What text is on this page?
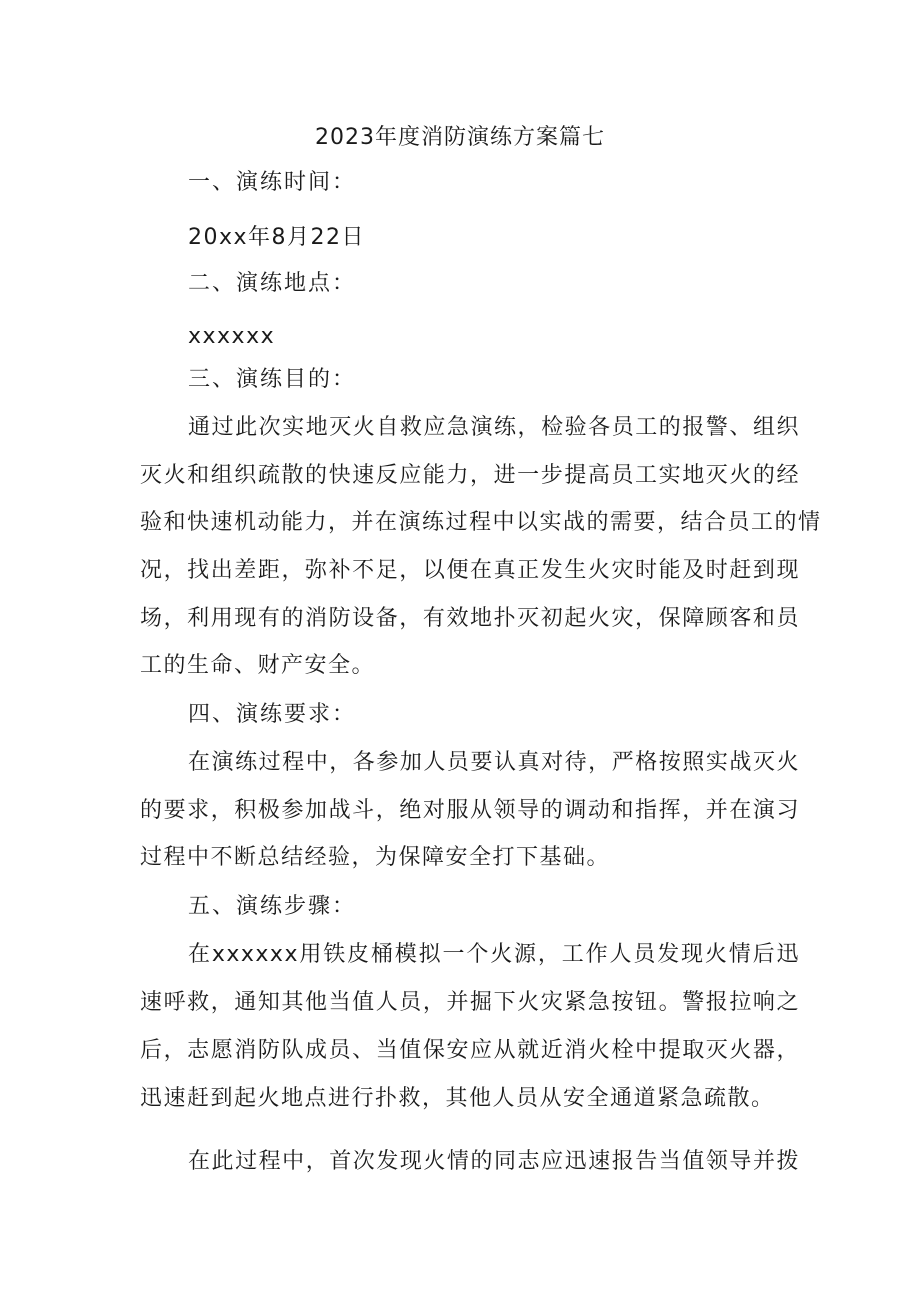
2023年度消防演练方案篇七
一、演练时间：
20xx年8月22日
二、演练地点：
xxxxxx
三、演练目的：
通过此次实地灭火自救应急演练，检验各员工的报警、组织
灭火和组织疏散的快速反应能力，进一步提高员工实地灭火的经
验和快速机动能力，并在演练过程中以实战的需要，结合员工的情
况，找出差距，弥补不足，以便在真正发生火灾时能及时赶到现
场，利用现有的消防设备，有效地扑灭初起火灾，保障顾客和员
工的生命、财产安全。
四、演练要求：
在演练过程中，各参加人员要认真对待，严格按照实战灭火
的要求，积极参加战斗，绝对服从领导的调动和指挥，并在演习
过程中不断总结经验，为保障安全打下基础。
五、演练步骤：
在xxxxxx用铁皮桶模拟一个火源，工作人员发现火情后迅
速呼救，通知其他当值人员，并掘下火灾紧急按钮。警报拉响之
后，志愿消防队成员、当值保安应从就近消火栓中提取灭火器，
迅速赶到起火地点进行扑救，其他人员从安全通道紧急疏散。
在此过程中，首次发现火情的同志应迅速报告当值领导并拨
